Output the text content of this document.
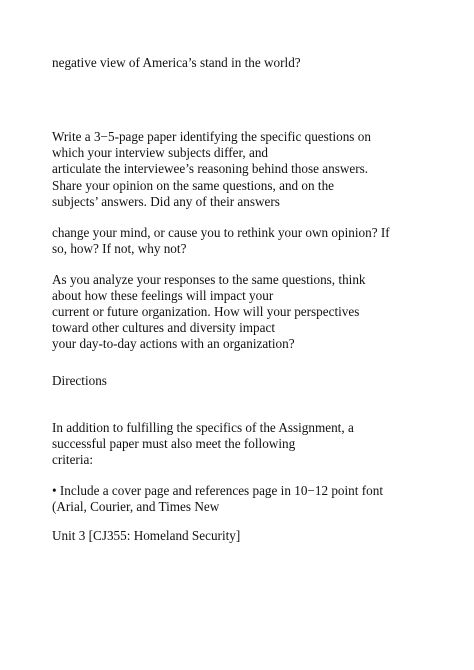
negative view of America’s stand in the world?
Write a 3−5-page paper identifying the specific questions on
which your interview subjects differ, and
articulate the interviewee’s reasoning behind those answers.
Share your opinion on the same questions, and on the
subjects’ answers. Did any of their answers
change your mind, or cause you to rethink your own opinion? If
so, how? If not, why not?
As you analyze your responses to the same questions, think
about how these feelings will impact your
current or future organization. How will your perspectives
toward other cultures and diversity impact
your day-to-day actions with an organization?
Directions
In addition to fulfilling the specifics of the Assignment, a
successful paper must also meet the following
criteria:
• Include a cover page and references page in 10−12 point font
(Arial, Courier, and Times New
Unit 3 [CJ355: Homeland Security]
